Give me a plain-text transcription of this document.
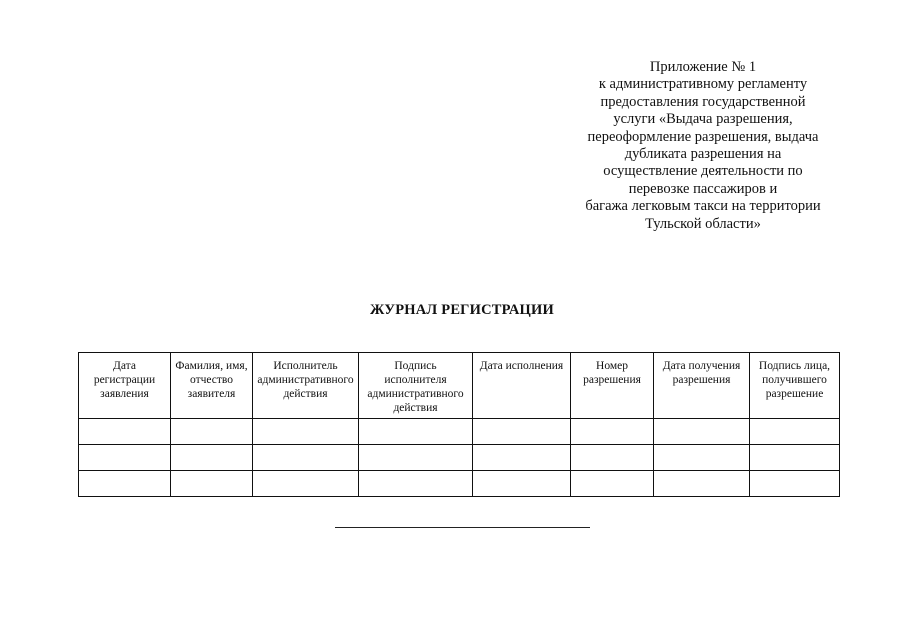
Приложение № 1
к административному регламенту
предоставления государственной
услуги «Выдача разрешения,
переоформление разрешения, выдача
дубликата разрешения на
осуществление деятельности по
перевозке пассажиров и
багажа легковым такси на территории
Тульской области»
ЖУРНАЛ РЕГИСТРАЦИИ
Дата регистрации заявления	Фамилия, имя, отчество заявителя	Исполнитель административного действия	Подпись исполнителя административного действия	Дата исполнения	Номер разрешения	Дата получения разрешения	Подпись лица, получившего разрешение
